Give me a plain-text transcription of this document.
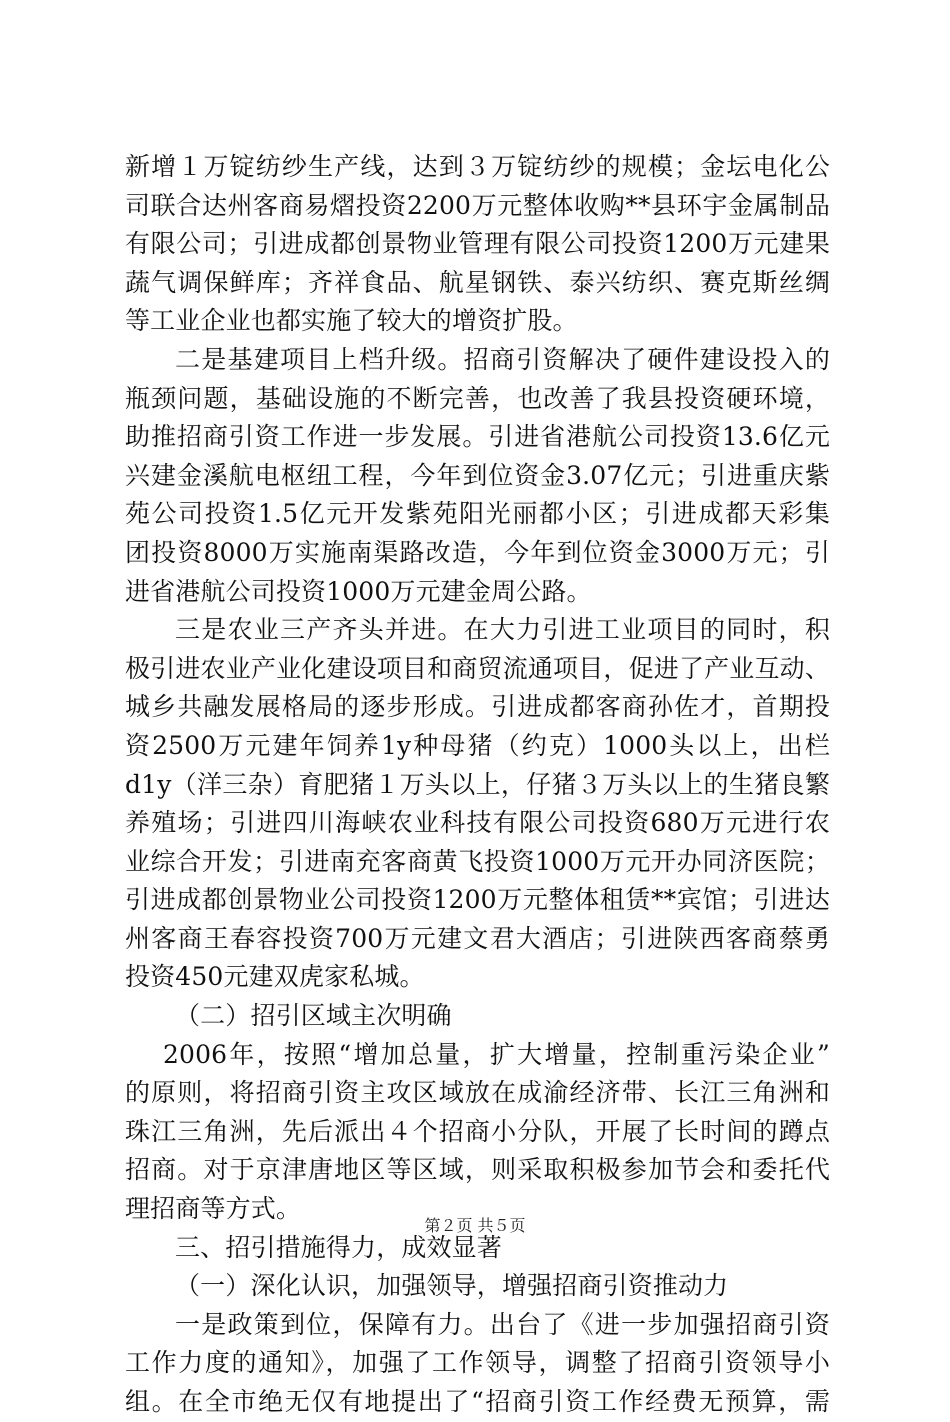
新增１万锭纺纱生产线，达到３万锭纺纱的规模；金坛电化公
司联合达州客商易熠投资2200万元整体收购**县环宇金属制品
有限公司；引进成都创景物业管理有限公司投资1200万元建果
蔬气调保鲜库；齐祥食品、航星钢铁、泰兴纺织、赛克斯丝绸
等工业企业也都实施了较大的增资扩股。
二是基建项目上档升级。招商引资解决了硬件建设投入的
瓶颈问题，基础设施的不断完善，也改善了我县投资硬环境，
助推招商引资工作进一步发展。引进省港航公司投资13.6亿元
兴建金溪航电枢纽工程，今年到位资金3.07亿元；引进重庆紫
苑公司投资1.5亿元开发紫苑阳光丽都小区；引进成都天彩集
团投资8000万实施南渠路改造，今年到位资金3000万元；引
进省港航公司投资1000万元建金周公路。
三是农业三产齐头并进。在大力引进工业项目的同时，积
极引进农业产业化建设项目和商贸流通项目，促进了产业互动、
城乡共融发展格局的逐步形成。引进成都客商孙佐才，首期投
资2500万元建年饲养1y种母猪（约克）1000头以上，出栏
d1y（洋三杂）育肥猪１万头以上，仔猪３万头以上的生猪良繁
养殖场；引进四川海峡农业科技有限公司投资680万元进行农
业综合开发；引进南充客商黄飞投资1000万元开办同济医院；
引进成都创景物业公司投资1200万元整体租赁**宾馆；引进达
州客商王春容投资700万元建文君大酒店；引进陕西客商蔡勇
投资450元建双虎家私城。
（二）招引区域主次明确
2006年，按照“增加总量，扩大增量，控制重污染企业”
的原则，将招商引资主攻区域放在成渝经济带、长江三角洲和
珠江三角洲，先后派出４个招商小分队，开展了长时间的蹲点
招商。对于京津唐地区等区域，则采取积极参加节会和委托代
理招商等方式。
三、招引措施得力，成效显著
（一）深化认识，加强领导，增强招商引资推动力
一是政策到位，保障有力。出台了《进一步加强招商引资
工作力度的通知》，加强了工作领导，调整了招商引资领导小
组。在全市绝无仅有地提出了“招商引资工作经费无预算，需
第２页 共５页
